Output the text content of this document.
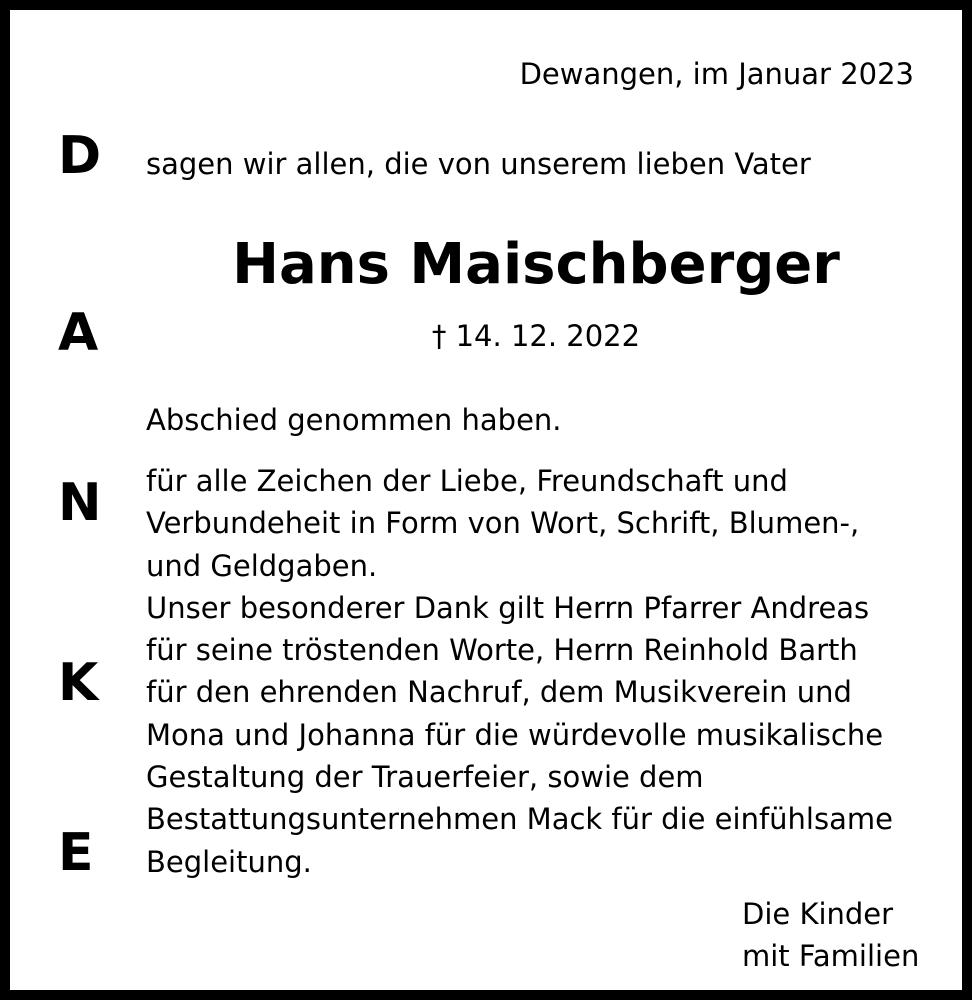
Dewangen, im Januar 2023
D
A
N
K
E
sagen wir allen, die von unserem lieben Vater
Hans Maischberger
† 14. 12. 2022
Abschied genommen haben.
für alle Zeichen der Liebe, Freundschaft und
Verbundeheit in Form von Wort, Schrift, Blumen-,
und Geldgaben.
Unser besonderer Dank gilt Herrn Pfarrer Andreas
für seine tröstenden Worte, Herrn Reinhold Barth
für den ehrenden Nachruf, dem Musikverein und
Mona und Johanna für die würdevolle musikalische
Gestaltung der Trauerfeier, sowie dem
Bestattungsunternehmen Mack für die einfühlsame
Begleitung.
Die Kinder
mit Familien
